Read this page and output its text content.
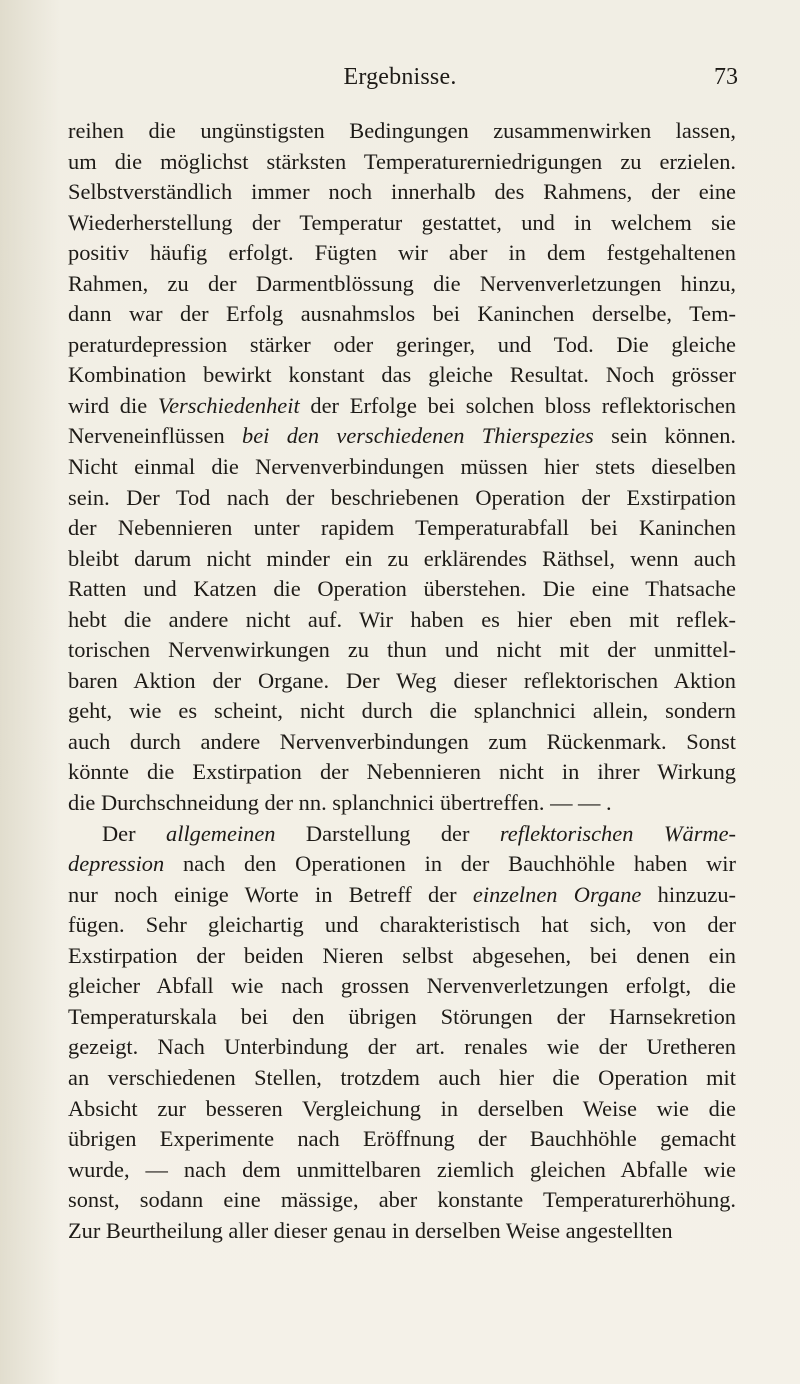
Ergebnisse.	73
reihen die ungünstigsten Bedingungen zusammenwirken lassen,
um die möglichst stärksten Temperaturerniedrigungen zu erzielen.
Selbstverständlich immer noch innerhalb des Rahmens, der eine
Wiederherstellung der Temperatur gestattet, und in welchem sie
positiv häufig erfolgt. Fügten wir aber in dem festgehaltenen
Rahmen, zu der Darmentblössung die Nervenverletzungen hinzu,
dann war der Erfolg ausnahmslos bei Kaninchen derselbe, Tem-
peraturdepression stärker oder geringer, und Tod. Die gleiche
Kombination bewirkt konstant das gleiche Resultat. Noch grösser
wird die Verschiedenheit der Erfolge bei solchen bloss reflektorischen
Nerveneinflüssen bei den verschiedenen Thierspezies sein können.
Nicht einmal die Nervenverbindungen müssen hier stets dieselben
sein. Der Tod nach der beschriebenen Operation der Exstirpation
der Nebennieren unter rapidem Temperaturabfall bei Kaninchen
bleibt darum nicht minder ein zu erklärendes Räthsel, wenn auch
Ratten und Katzen die Operation überstehen. Die eine Thatsache
hebt die andere nicht auf. Wir haben es hier eben mit reflek-
torischen Nervenwirkungen zu thun und nicht mit der unmittel-
baren Aktion der Organe. Der Weg dieser reflektorischen Aktion
geht, wie es scheint, nicht durch die splanchnici allein, sondern
auch durch andere Nervenverbindungen zum Rückenmark. Sonst
könnte die Exstirpation der Nebennieren nicht in ihrer Wirkung
die Durchschneidung der nn. splanchnici übertreffen. — — .
Der allgemeinen Darstellung der reflektorischen Wärme-
depression nach den Operationen in der Bauchhöhle haben wir
nur noch einige Worte in Betreff der einzelnen Organe hinzuzu-
fügen. Sehr gleichartig und charakteristisch hat sich, von der
Exstirpation der beiden Nieren selbst abgesehen, bei denen ein
gleicher Abfall wie nach grossen Nervenverletzungen erfolgt, die
Temperaturskala bei den übrigen Störungen der Harnsekretion
gezeigt. Nach Unterbindung der art. renales wie der Uretheren
an verschiedenen Stellen, trotzdem auch hier die Operation mit
Absicht zur besseren Vergleichung in derselben Weise wie die
übrigen Experimente nach Eröffnung der Bauchhöhle gemacht
wurde, — nach dem unmittelbaren ziemlich gleichen Abfalle wie
sonst, sodann eine mässige, aber konstante Temperaturerhöhung.
Zur Beurtheilung aller dieser genau in derselben Weise angestellten
